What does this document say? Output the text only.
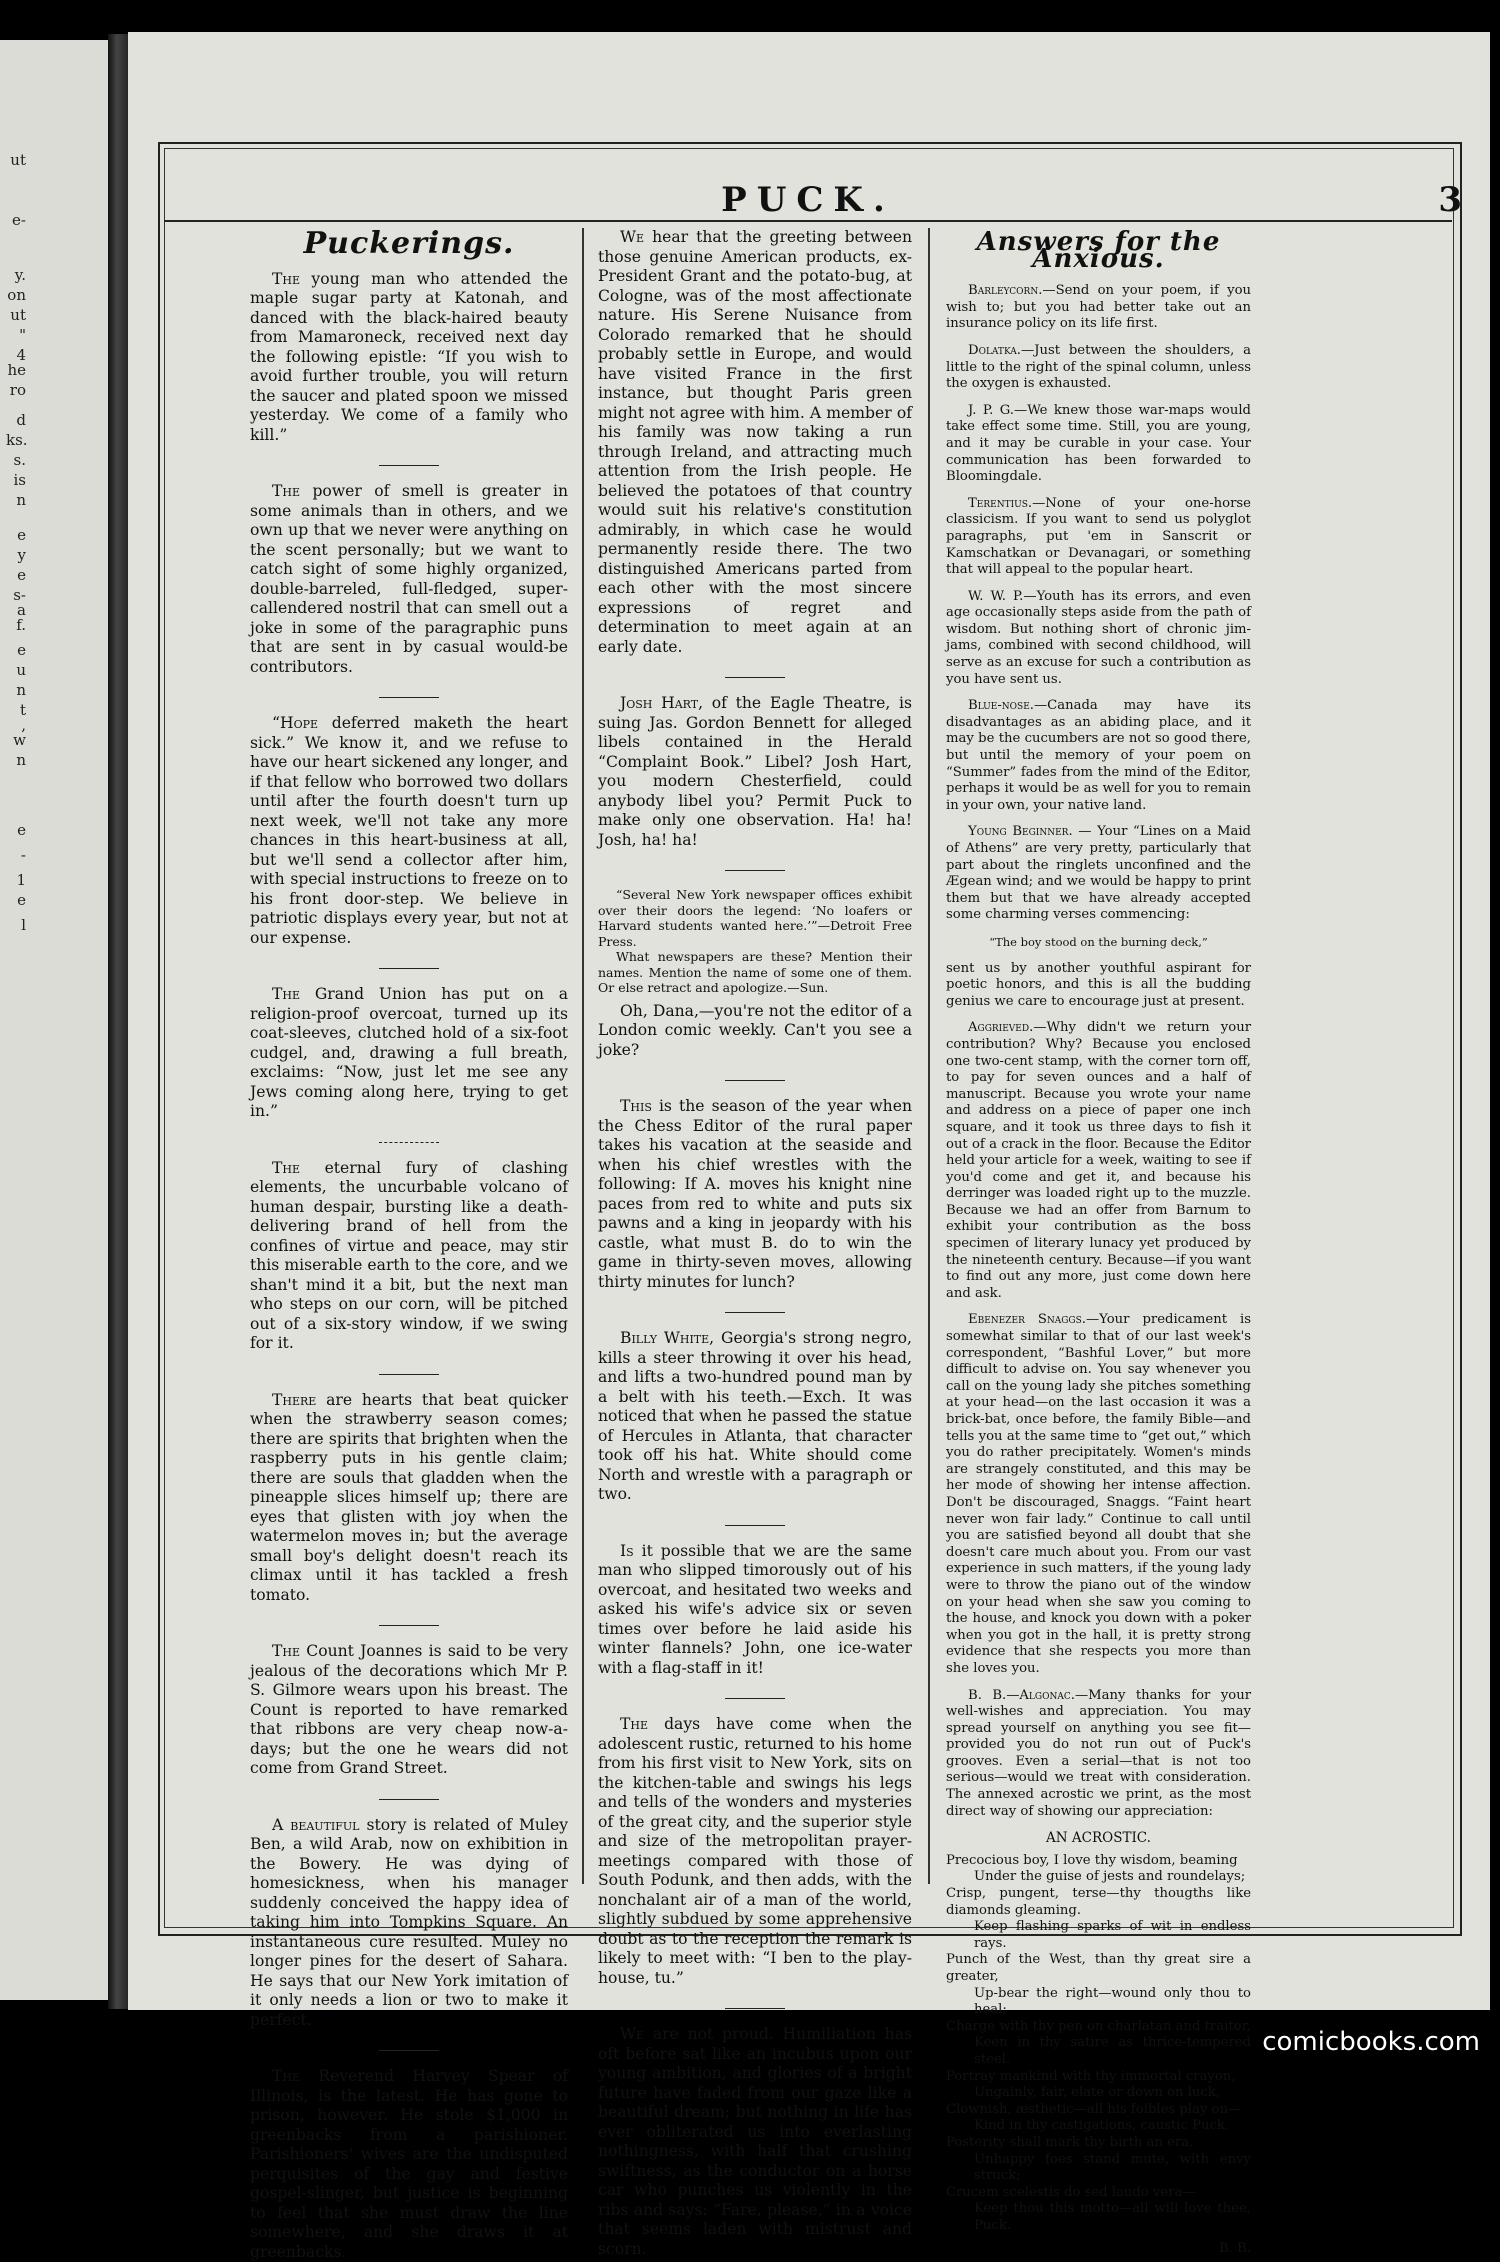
ut
e-
y.
on
ut
"
4
he
ro
d
ks.
s.
is
n
e
y
e
s-
a
f.
e
u
n
t
,
w
n
e
-
1
e
l
PUCK.	3
Puckerings.

The young man who attended the maple sugar party at Katonah, and danced with the black-haired beauty from Mamaroneck, received next day the following epistle: “If you wish to avoid further trouble, you will return the saucer and plated spoon we missed yesterday. We come of a family who kill.”

The power of smell is greater in some animals than in others, and we own up that we never were anything on the scent personally; but we want to catch sight of some highly organized, double-barreled, full-fledged, super-callendered nostril that can smell out a joke in some of the paragraphic puns that are sent in by casual would-be contributors.

“Hope deferred maketh the heart sick.” We know it, and we refuse to have our heart sickened any longer, and if that fellow who borrowed two dollars until after the fourth doesn't turn up next week, we'll not take any more chances in this heart-business at all, but we'll send a collector after him, with special instructions to freeze on to his front door-step. We believe in patriotic displays every year, but not at our expense.

The Grand Union has put on a religion-proof overcoat, turned up its coat-sleeves, clutched hold of a six-foot cudgel, and, drawing a full breath, exclaims: “Now, just let me see any Jews coming along here, trying to get in.”

The eternal fury of clashing elements, the uncurbable volcano of human despair, bursting like a death-delivering brand of hell from the confines of virtue and peace, may stir this miserable earth to the core, and we shan't mind it a bit, but the next man who steps on our corn, will be pitched out of a six-story window, if we swing for it.

There are hearts that beat quicker when the strawberry season comes; there are spirits that brighten when the raspberry puts in his gentle claim; there are souls that gladden when the pineapple slices himself up; there are eyes that glisten with joy when the watermelon moves in; but the average small boy's delight doesn't reach its climax until it has tackled a fresh tomato.

The Count Joannes is said to be very jealous of the decorations which Mr P. S. Gilmore wears upon his breast. The Count is reported to have remarked that ribbons are very cheap now-a-days; but the one he wears did not come from Grand Street.

A beautiful story is related of Muley Ben, a wild Arab, now on exhibition in the Bowery. He was dying of homesickness, when his manager suddenly conceived the happy idea of taking him into Tompkins Square. An instantaneous cure resulted. Muley no longer pines for the desert of Sahara. He says that our New York imitation of it only needs a lion or two to make it perfect.

The Reverend Harvey Spear of Illinois, is the latest. He has gone to prison, however. He stole $1,000 in greenbacks from a parishioner. Parishioners' wives are the undisputed perquisites of the gay and festive gospel-slinger, but justice is beginning to feel that she must draw the line somewhere, and she draws it at greenbacks.

We hear that the greeting between those genuine American products, ex-President Grant and the potato-bug, at Cologne, was of the most affectionate nature. His Serene Nuisance from Colorado remarked that he should probably settle in Europe, and would have visited France in the first instance, but thought Paris green might not agree with him. A member of his family was now taking a run through Ireland, and attracting much attention from the Irish people. He believed the potatoes of that country would suit his relative's constitution admirably, in which case he would permanently reside there. The two distinguished Americans parted from each other with the most sincere expressions of regret and determination to meet again at an early date.

Josh Hart, of the Eagle Theatre, is suing Jas. Gordon Bennett for alleged libels contained in the Herald “Complaint Book.” Libel? Josh Hart, you modern Chesterfield, could anybody libel you? Permit Puck to make only one observation. Ha! ha! Josh, ha! ha!

“Several New York newspaper offices exhibit over their doors the legend: ‘No loafers or Harvard students wanted here.’”—Detroit Free Press.

What newspapers are these? Mention their names. Mention the name of some one of them. Or else retract and apologize.—Sun.

Oh, Dana,—you're not the editor of a London comic weekly. Can't you see a joke?

This is the season of the year when the Chess Editor of the rural paper takes his vacation at the seaside and when his chief wrestles with the following: If A. moves his knight nine paces from red to white and puts six pawns and a king in jeopardy with his castle, what must B. do to win the game in thirty-seven moves, allowing thirty minutes for lunch?

Billy White, Georgia's strong negro, kills a steer throwing it over his head, and lifts a two-hundred pound man by a belt with his teeth.—Exch. It was noticed that when he passed the statue of Hercules in Atlanta, that character took off his hat. White should come North and wrestle with a paragraph or two.

Is it possible that we are the same man who slipped timorously out of his overcoat, and hesitated two weeks and asked his wife's advice six or seven times over before he laid aside his winter flannels? John, one ice-water with a flag-staff in it!

The days have come when the adolescent rustic, returned to his home from his first visit to New York, sits on the kitchen-table and swings his legs and tells of the wonders and mysteries of the great city, and the superior style and size of the metropolitan prayer-meetings compared with those of South Podunk, and then adds, with the nonchalant air of a man of the world, slightly subdued by some apprehensive doubt as to the reception the remark is likely to meet with: “I ben to the play-house, tu.”

We are not proud. Humiliation has oft before sat like an incubus upon our young ambition, and glories of a bright future have faded from our gaze like a beautiful dream; but nothing in life has ever obliterated us into everlasting nothingness, with half that crushing swiftness, as the conductor on a horse car who punches us violently in the ribs and says: “Fare, please,” in a voice that seems laden with mistrust and scorn.

Answers for the Anxious.

Barleycorn.—Send on your poem, if you wish to; but you had better take out an insurance policy on its life first.

Dolatka.—Just between the shoulders, a little to the right of the spinal column, unless the oxygen is exhausted.

J. P. G.—We knew those war-maps would take effect some time. Still, you are young, and it may be curable in your case. Your communication has been forwarded to Bloomingdale.

Terentius.—None of your one-horse classicism. If you want to send us polyglot paragraphs, put 'em in Sanscrit or Kamschatkan or Devanagari, or something that will appeal to the popular heart.

W. W. P.—Youth has its errors, and even age occasionally steps aside from the path of wisdom. But nothing short of chronic jim-jams, combined with second childhood, will serve as an excuse for such a contribution as you have sent us.

Blue-nose.—Canada may have its disadvantages as an abiding place, and it may be the cucumbers are not so good there, but until the memory of your poem on “Summer” fades from the mind of the Editor, perhaps it would be as well for you to remain in your own, your native land.

Young Beginner. — Your “Lines on a Maid of Athens” are very pretty, particularly that part about the ringlets unconfined and the Ægean wind; and we would be happy to print them but that we have already accepted some charming verses commencing:

“The boy stood on the burning deck,”

sent us by another youthful aspirant for poetic honors, and this is all the budding genius we care to encourage just at present.

Aggrieved.—Why didn't we return your contribution? Why? Because you enclosed one two-cent stamp, with the corner torn off, to pay for seven ounces and a half of manuscript. Because you wrote your name and address on a piece of paper one inch square, and it took us three days to fish it out of a crack in the floor. Because the Editor held your article for a week, waiting to see if you'd come and get it, and because his derringer was loaded right up to the muzzle. Because we had an offer from Barnum to exhibit your contribution as the boss specimen of literary lunacy yet produced by the nineteenth century. Because—if you want to find out any more, just come down here and ask.

Ebenezer Snaggs.—Your predicament is somewhat similar to that of our last week's correspondent, “Bashful Lover,” but more difficult to advise on. You say whenever you call on the young lady she pitches something at your head—on the last occasion it was a brick-bat, once before, the family Bible—and tells you at the same time to “get out,” which you do rather precipitately. Women's minds are strangely constituted, and this may be her mode of showing her intense affection. Don't be discouraged, Snaggs. “Faint heart never won fair lady.” Continue to call until you are satisfied beyond all doubt that she doesn't care much about you. From our vast experience in such matters, if the young lady were to throw the piano out of the window on your head when she saw you coming to the house, and knock you down with a poker when you got in the hall, it is pretty strong evidence that she respects you more than she loves you.

B. B.—Algonac.—Many thanks for your well-wishes and appreciation. You may spread yourself on anything you see fit—provided you do not run out of Puck's grooves. Even a serial—that is not too serious—would we treat with consideration. The annexed acrostic we print, as the most direct way of showing our appreciation:

AN ACROSTIC.

Precocious boy, I love thy wisdom, beaming

Under the guise of jests and roundelays;

Crisp, pungent, terse—thy thougths like diamonds gleaming.

Keep flashing sparks of wit in endless rays.

Punch of the West, than thy great sire a greater,

Up-bear the right—wound only thou to heal;

Charge with thy pen on charlatan and traitor,

Keen in thy satire as thrice-tempered steel.

Portray mankind with thy immortal crayon,

Ungainly, fair, elate or down on luck,

Clownish, æsthetic—all his foibles play on—

Kind in thy castigations, caustic Puck.

Posterity shall mark thy birth an era,

Unhappy foes stand mute, with envy struck;

Crucem scelestis do sed laudo vera—

Keep thou this motto—all will love thee, Puck.

B. B.

comicbooks.com
